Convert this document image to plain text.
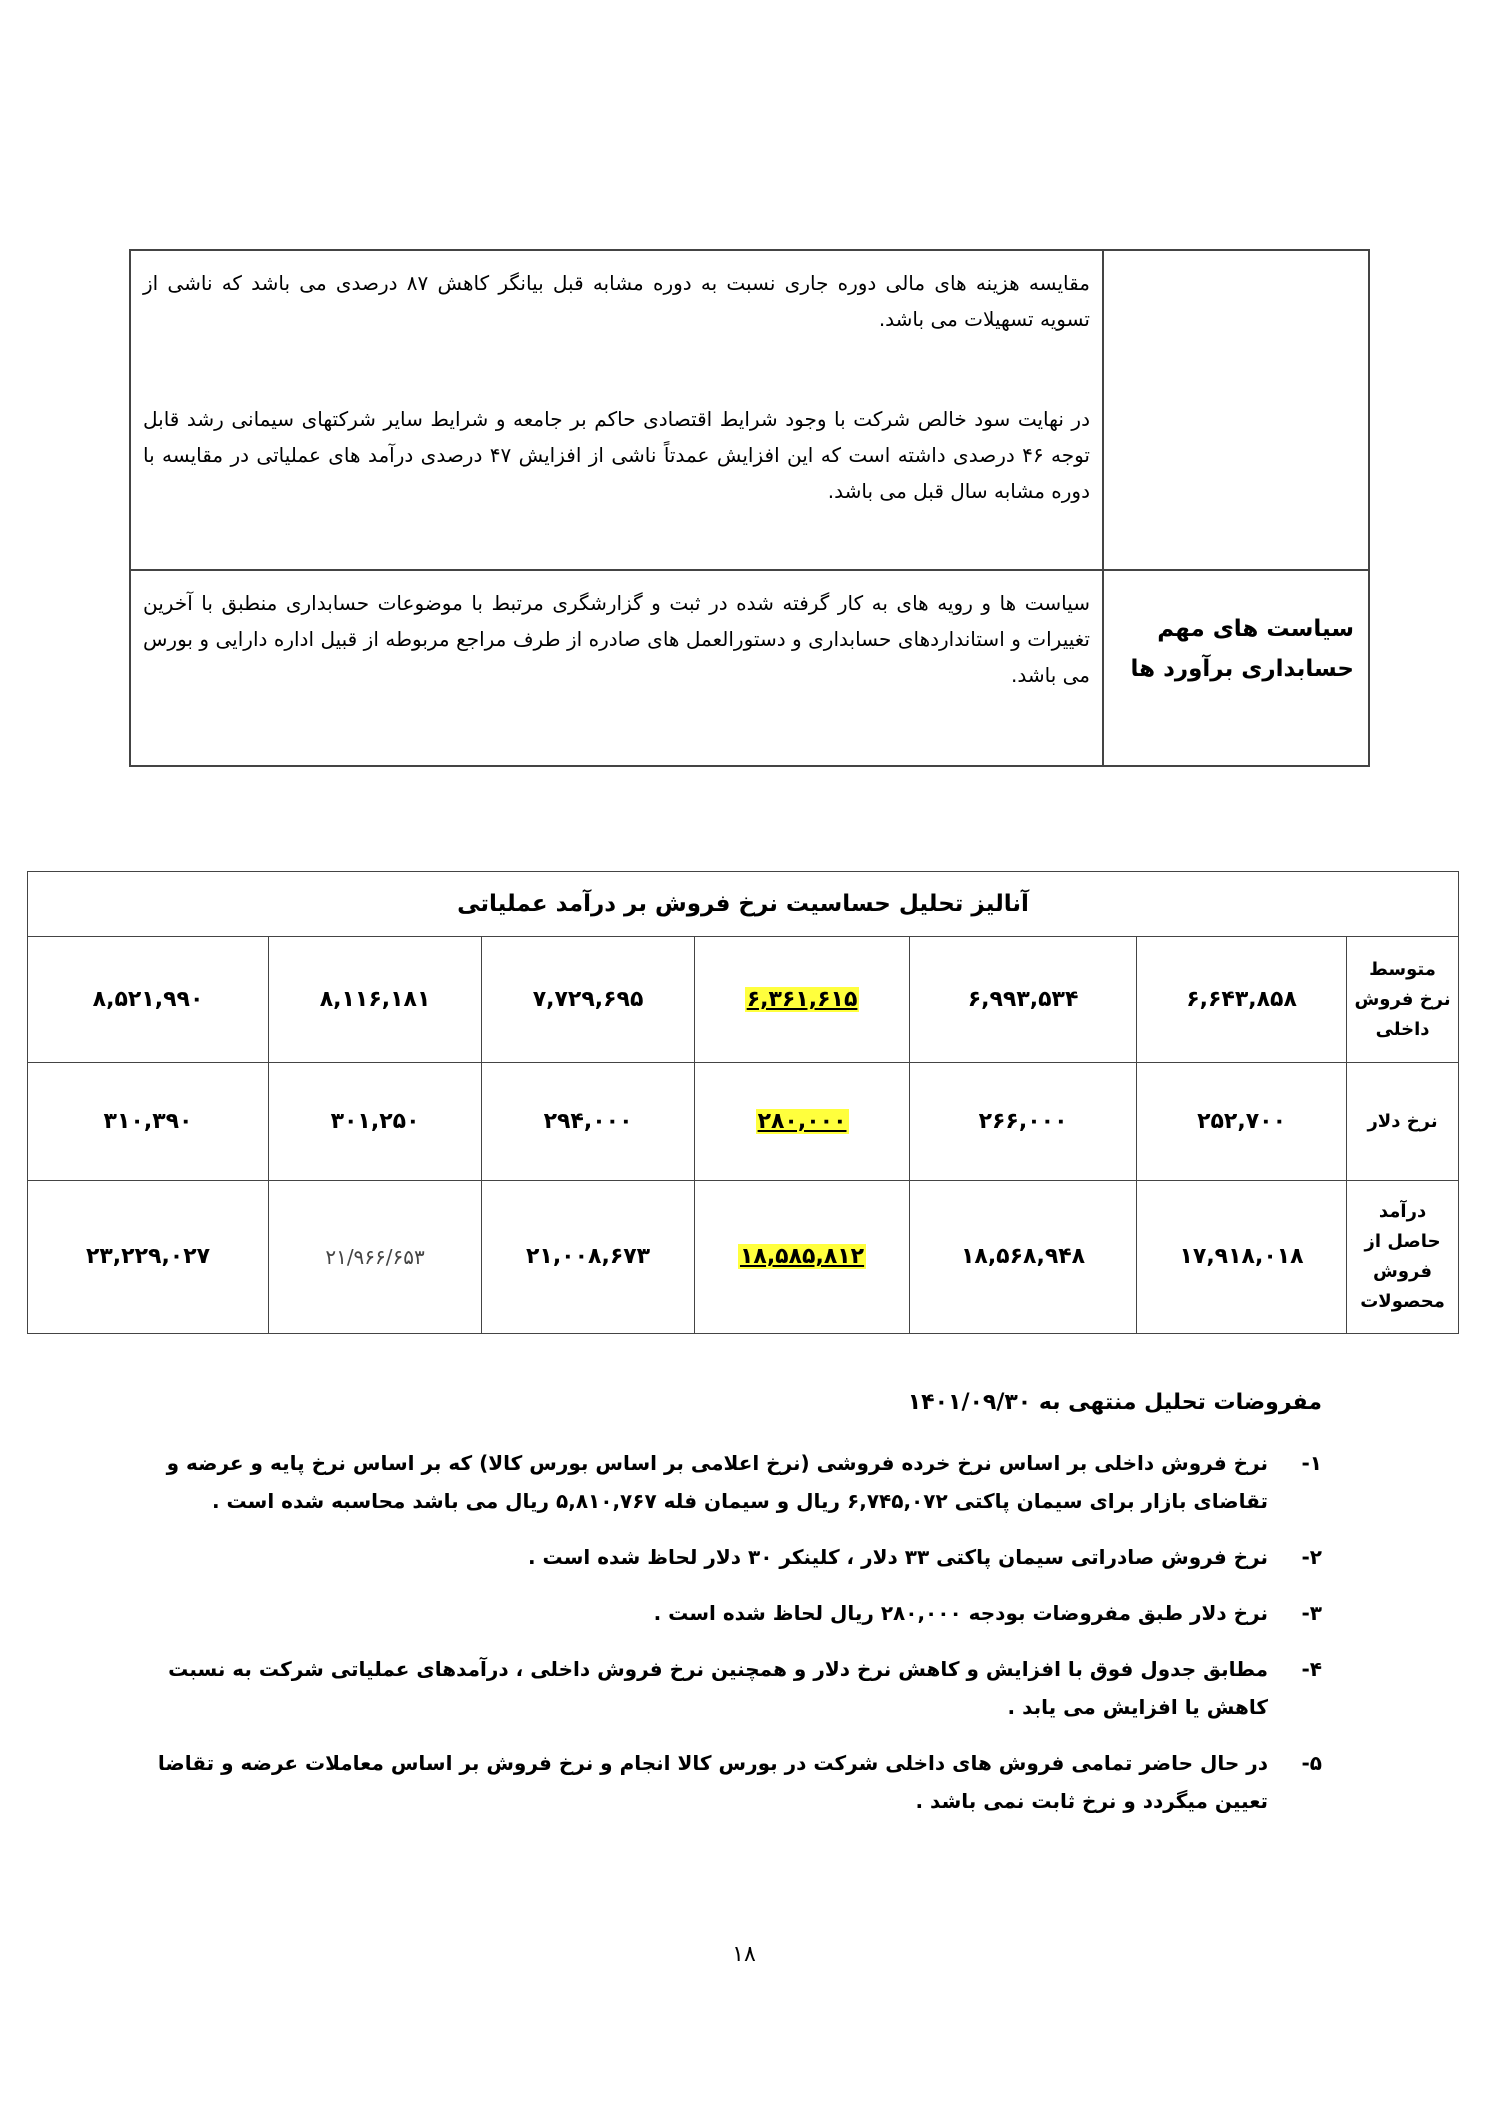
	مقایسه هزینه های مالی دوره جاری نسبت به دوره مشابه قبل بیانگر کاهش ۸۷ درصدی می باشد که ناشی از تسویه تسهیلات می باشد.

در نهایت سود خالص شرکت با وجود شرایط اقتصادی حاکم بر جامعه و شرایط سایر شرکتهای سیمانی رشد قابل توجه ۴۶ درصدی داشته است که این افزایش عمدتاً ناشی از افزایش ۴۷ درصدی درآمد های عملیاتی در مقایسه با دوره مشابه سال قبل می باشد.

سیاست های مهم حسابداری برآورد ها	سیاست ها و رویه های به کار گرفته شده در ثبت و گزارشگری مرتبط با موضوعات حسابداری منطبق با آخرین تغییرات و استانداردهای حسابداری و دستورالعمل های صادره از طرف مراجع مربوطه از قبیل اداره دارایی و بورس می باشد.

آنالیز تحلیل حساسیت نرخ فروش بر درآمد عملیاتی						
متوسط نرخ فروش داخلی	۶,۶۴۳,۸۵۸	۶,۹۹۳,۵۳۴	۶,۳۶۱,۶۱۵	۷,۷۲۹,۶۹۵	۸,۱۱۶,۱۸۱	۸,۵۲۱,۹۹۰
نرخ دلار	۲۵۲,۷۰۰	۲۶۶,۰۰۰	۲۸۰,۰۰۰	۲۹۴,۰۰۰	۳۰۱,۲۵۰	۳۱۰,۳۹۰
درآمد حاصل از فروش محصولات	۱۷,۹۱۸,۰۱۸	۱۸,۵۶۸,۹۴۸	۱۸,۵۸۵,۸۱۲	۲۱,۰۰۸,۶۷۳	۲۱/۹۶۶/۶۵۳	۲۳,۲۲۹,۰۲۷
مفروضات تحلیل منتهی به ۱۴۰۱/۰۹/۳۰
۱-
نرخ فروش داخلی بر اساس نرخ خرده فروشی (نرخ اعلامی بر اساس بورس کالا) که بر اساس نرخ پایه و عرضه و تقاضای بازار برای سیمان پاکتی ۶,۷۴۵,۰۷۲ ریال و سیمان فله ۵,۸۱۰,۷۶۷ ریال می باشد محاسبه شده است .
۲-
نرخ فروش صادراتی سیمان پاکتی ۳۳ دلار ، کلینکر ۳۰ دلار لحاظ شده است .
۳-
نرخ دلار طبق مفروضات بودجه ۲۸۰,۰۰۰ ریال لحاظ شده است .
۴-
مطابق جدول فوق با افزایش و کاهش نرخ دلار و همچنین نرخ فروش داخلی ، درآمدهای عملیاتی شرکت به نسبت کاهش یا افزایش می یابد .
۵-
در حال حاضر تمامی فروش های داخلی شرکت در بورس کالا انجام و نرخ فروش بر اساس معاملات عرضه و تقاضا تعیین میگردد و نرخ ثابت نمی باشد .
۱۸
